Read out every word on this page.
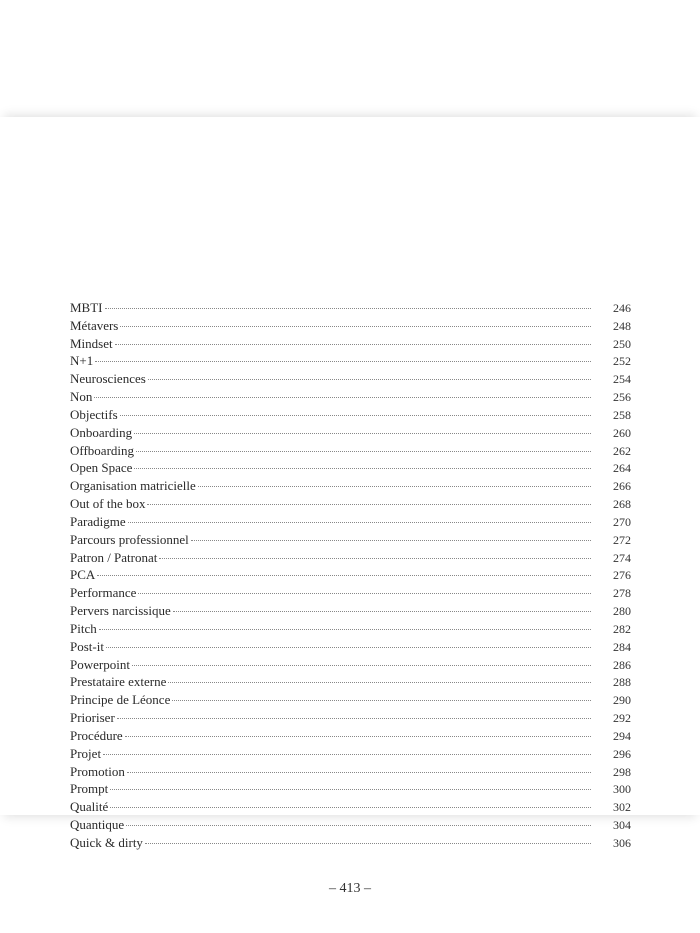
MBTI	246
Métavers	248
Mindset	250
N+1	252
Neurosciences	254
Non	256
Objectifs	258
Onboarding	260
Offboarding	262
Open Space	264
Organisation matricielle	266
Out of the box	268
Paradigme	270
Parcours professionnel	272
Patron / Patronat	274
PCA	276
Performance	278
Pervers narcissique	280
Pitch	282
Post-it	284
Powerpoint	286
Prestataire externe	288
Principe de Léonce	290
Prioriser	292
Procédure	294
Projet	296
Promotion	298
Prompt	300
Qualité	302
Quantique	304
Quick & dirty	306
– 413 –
